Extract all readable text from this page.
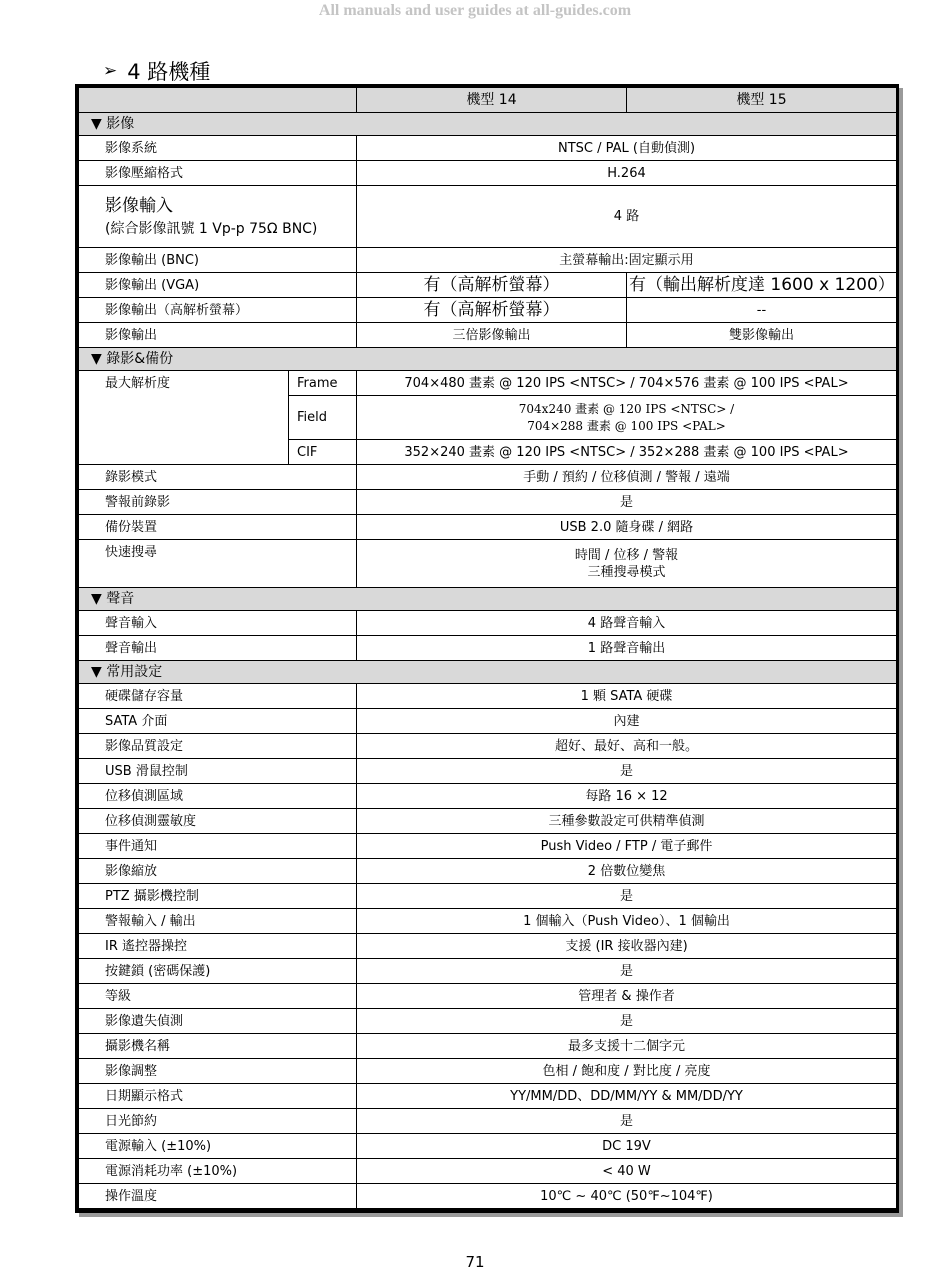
All manuals and user guides at all-guides.com
➢ 4 路機種
		機型 14	機型 15
▼ 影像			
影像系統		NTSC / PAL (自動偵測)	
影像壓縮格式		H.264	

影像輸入
(綜合影像訊號 1 Vp-p 75Ω BNC)		4 路	
影像輸出 (BNC)		主螢幕輸出:固定顯示用	
影像輸出 (VGA)		有（高解析螢幕）	有（輸出解析度達 1600 x 1200）
影像輸出（高解析螢幕）		有（高解析螢幕）	--
影像輸出		三倍影像輸出	雙影像輸出
▼ 錄影&備份			
最大解析度	Frame	704×480 畫素 @ 120 IPS <NTSC> / 704×576 畫素 @ 100 IPS <PAL>	
	Field	704x240 畫素 @ 120 IPS <NTSC> /
704×288 畫素 @ 100 IPS <PAL>	

	CIF	352×240 畫素 @ 120 IPS <NTSC> / 352×288 畫素 @ 100 IPS <PAL>	
錄影模式		手動 / 預約 / 位移偵測 / 警報 / 遠端	
警報前錄影		是	
備份裝置		USB 2.0 隨身碟 / 網路	
快速搜尋		時間 / 位移 / 警報
三種搜尋模式	

▼ 聲音			
聲音輸入		4 路聲音輸入	
聲音輸出		1 路聲音輸出	
▼ 常用設定			
硬碟儲存容量		1 顆 SATA 硬碟	
SATA 介面		內建	
影像品質設定		超好、最好、高和一般。	
USB 滑鼠控制		是	
位移偵測區域		每路 16 × 12	
位移偵測靈敏度		三種參數設定可供精準偵測	
事件通知		Push Video / FTP / 電子郵件	
影像縮放		2 倍數位變焦	
PTZ 攝影機控制		是	
警報輸入 / 輸出		1 個輸入（Push Video）、1 個輸出	
IR 遙控器操控		支援 (IR 接收器內建)	
按鍵鎖 (密碼保護)		是	
等級		管理者 & 操作者	
影像遺失偵測		是	
攝影機名稱		最多支援十二個字元	
影像調整		色相 / 飽和度 / 對比度 / 亮度	
日期顯示格式		YY/MM/DD、DD/MM/YY & MM/DD/YY	
日光節約		是	
電源輸入 (±10%)		DC 19V	
電源消耗功率 (±10%)		< 40 W	
操作溫度		10℃ ~ 40℃ (50℉~104℉)	
71
